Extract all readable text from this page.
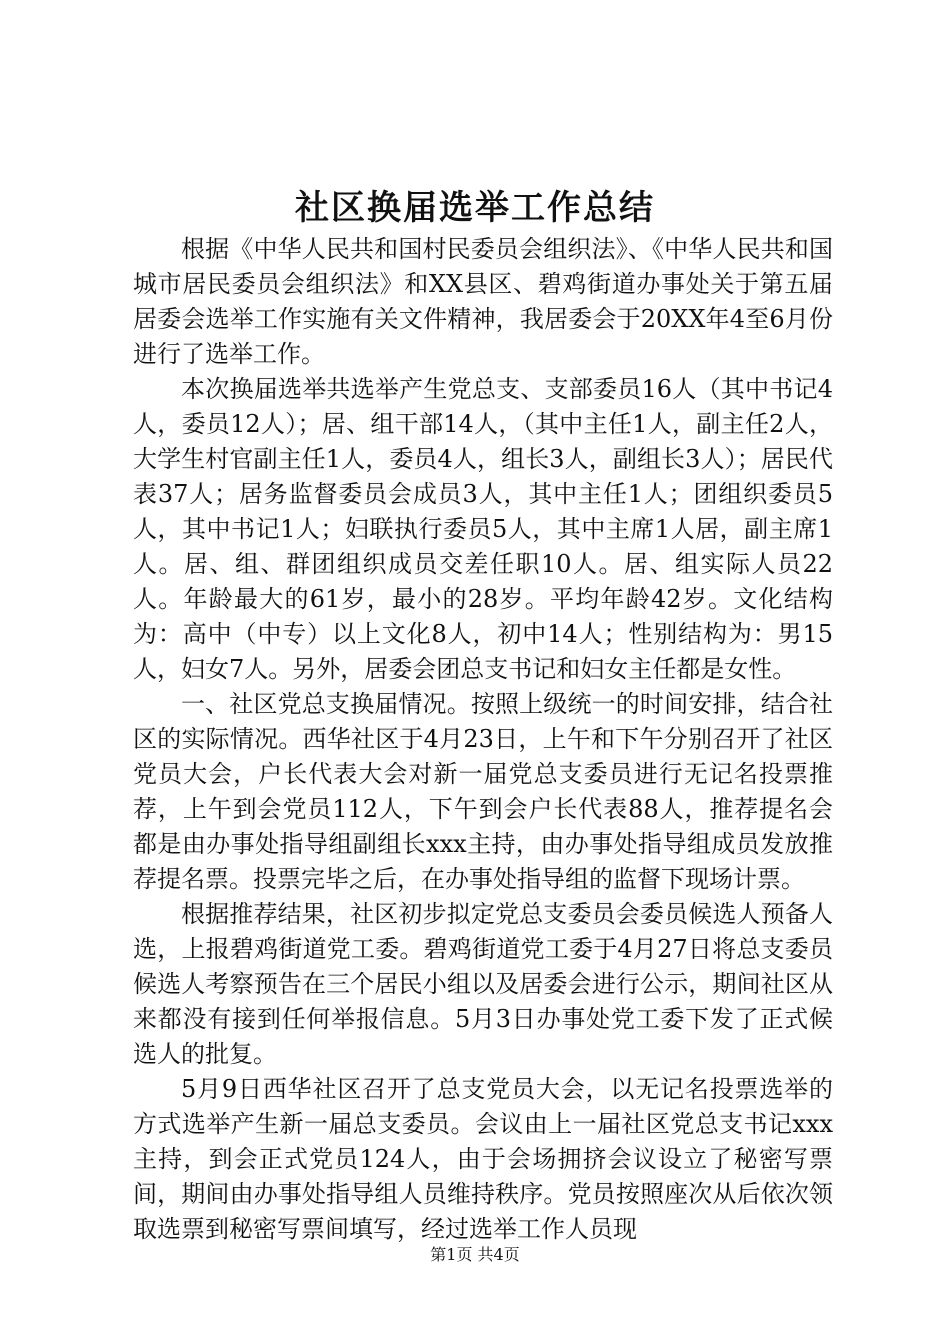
社区换届选举工作总结

根据《中华人民共和国村民委员会组织法》、《中华人民共和国城市居民委员会组织法》和XX县区、碧鸡街道办事处关于第五届居委会选举工作实施有关文件精神，我居委会于20XX年4至6月份进行了选举工作。

本次换届选举共选举产生党总支、支部委员16人（其中书记4人，委员12人）；居、组干部14人，（其中主任1人，副主任2人，大学生村官副主任1人，委员4人，组长3人，副组长3人）；居民代表37人；居务监督委员会成员3人，其中主任1人；团组织委员5人，其中书记1人；妇联执行委员5人，其中主席1人居，副主席1人。居、组、群团组织成员交差任职10人。居、组实际人员22人。年龄最大的61岁，最小的28岁。平均年龄42岁。文化结构为：高中（中专）以上文化8人，初中14人；性别结构为：男15人，妇女7人。另外，居委会团总支书记和妇女主任都是女性。

一、社区党总支换届情况。按照上级统一的时间安排，结合社区的实际情况。西华社区于4月23日，上午和下午分别召开了社区党员大会，户长代表大会对新一届党总支委员进行无记名投票推荐，上午到会党员112人，下午到会户长代表88人，推荐提名会都是由办事处指导组副组长xxx主持，由办事处指导组成员发放推荐提名票。投票完毕之后，在办事处指导组的监督下现场计票。

根据推荐结果，社区初步拟定党总支委员会委员候选人预备人选，上报碧鸡街道党工委。碧鸡街道党工委于4月27日将总支委员候选人考察预告在三个居民小组以及居委会进行公示，期间社区从来都没有接到任何举报信息。5月3日办事处党工委下发了正式候选人的批复。

5月9日西华社区召开了总支党员大会，以无记名投票选举的方式选举产生新一届总支委员。会议由上一届社区党总支书记xxx主持，到会正式党员124人，由于会场拥挤会议设立了秘密写票间，期间由办事处指导组人员维持秩序。党员按照座次从后依次领取选票到秘密写票间填写，经过选举工作人员现

第1页 共4页
